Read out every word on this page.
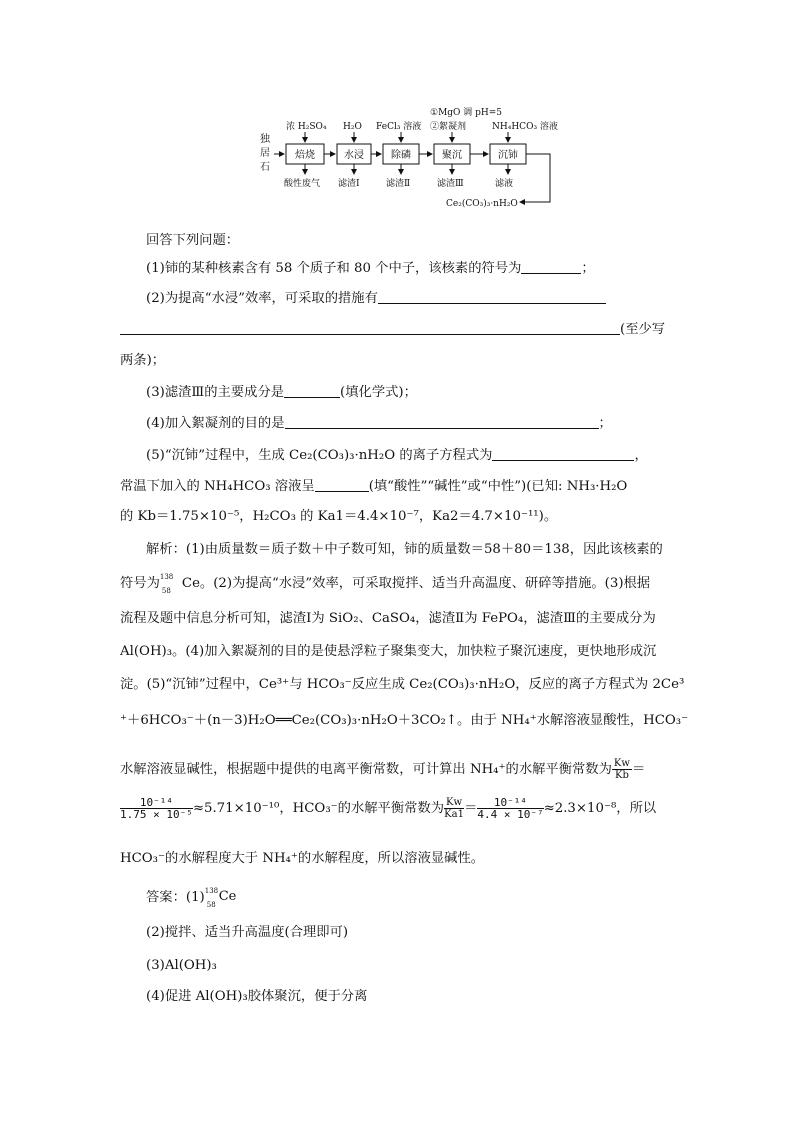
独
居
石
焙烧	水浸	除磷	聚沉	沉铈
Ce₂(CO₃)₃·nH₂O
浓 H₂SO₄ H₂O FeCl₃ 溶液
①MgO 调 pH=5
②絮凝剂	NH₄HCO₃ 溶液
酸性废气 滤渣Ⅰ	滤渣Ⅱ	滤渣Ⅲ	滤液
回答下列问题：
(1)铈的某种核素含有 58 个质子和 80 个中子，该核素的符号为	；
(2)为提高“水浸”效率，可采取的措施有
(至少写
两条)；
(3)滤渣Ⅲ的主要成分是	(填化学式)；
(4)加入絮凝剂的目的是	；
(5)“沉铈”过程中，生成 Ce₂(CO₃)₃·nH₂O 的离子方程式为	，
常温下加入的 NH₄HCO₃ 溶液呈	(填“酸性”“碱性”或“中性”)(已知: NH₃·H₂O
的 Kb＝1.75×10⁻⁵，H₂CO₃ 的 Ka1＝4.4×10⁻⁷，Ka2＝4.7×10⁻¹¹)。
解析：(1)由质量数＝质子数＋中子数可知，铈的质量数＝58＋80＝138，因此该核素的
符号为 138
58 Ce。(2)为提高“水浸”效率，可采取搅拌、适当升高温度、研碎等措施。(3)根据
流程及题中信息分析可知，滤渣Ⅰ为 SiO₂、CaSO₄，滤渣Ⅱ为 FePO₄，滤渣Ⅲ的主要成分为
Al(OH)₃。(4)加入絮凝剂的目的是使悬浮粒子聚集变大，加快粒子聚沉速度，更快地形成沉
淀。(5)“沉铈”过程中，Ce³⁺与 HCO₃⁻反应生成 Ce₂(CO₃)₃·nH₂O，反应的离子方程式为 2Ce³
⁺＋6HCO₃⁻＋(n－3)H₂O══Ce₂(CO₃)₃·nH₂O＋3CO₂↑。由于 NH₄⁺水解溶液显酸性，HCO₃⁻
水解溶液显碱性，根据题中提供的电离平衡常数，可计算出 NH₄⁺的水解平衡常数为 $\frac{Kw}{Kb}$ ＝
$\frac{\text{10⁻¹⁴}}{\text{1.75 × 10⁻⁵}} \approx 5.71\times 10^{-10}$，HCO₃⁻的水解平衡常数为 $\frac{Kw}{Ka1} = \frac{\text{10⁻¹⁴}}{\text{4.4 × 10⁻⁷}} \approx 2.3\times 10^{-8}$，所以
HCO₃⁻的水解程度大于 NH₄⁺的水解程度，所以溶液显碱性。
答案：(1) 138
58
Ce
(2)搅拌、适当升高温度(合理即可)
(3)Al(OH)₃
(4)促进 Al(OH)₃胶体聚沉，便于分离
